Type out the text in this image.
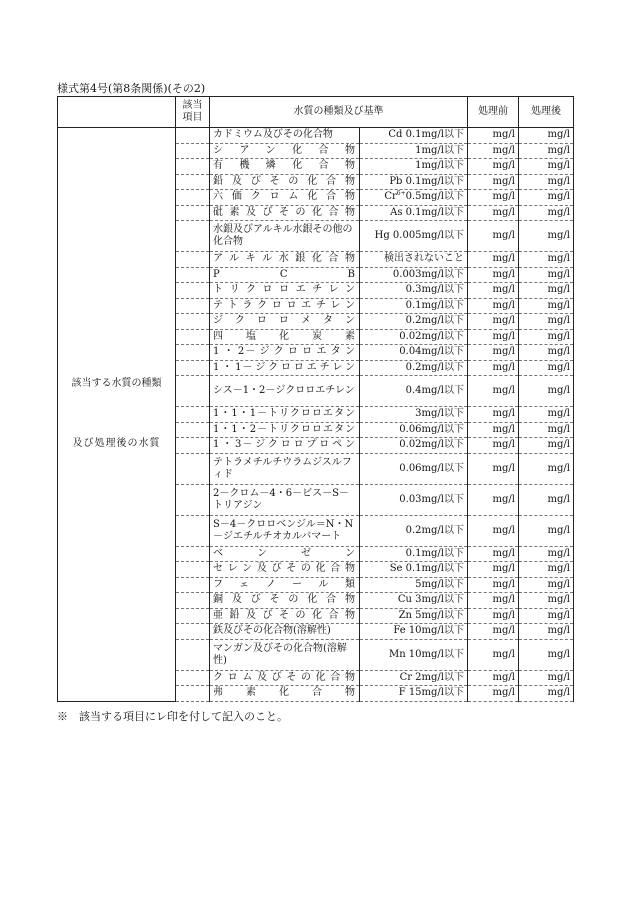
様式第4号(第8条関係)(その2)
	該当項目	水質の種類及び基準		処理前	処理後

該当する水質の種類
及び処理後の水質		カドミウム及びその化合物	Cd 0.1mg/l以下	mg/l	mg/l
		シアン化合物	1mg/l以下	mg/l	mg/l
		有機燐化合物	1mg/l以下	mg/l	mg/l
		鉛及びその化合物	Pb 0.1mg/l以下	mg/l	mg/l
		六価クロム化合物	$Cr^{6+}0.5mg/l$以下	mg/l	mg/l
		砒素及びその化合物	As 0.1mg/l以下	mg/l	mg/l
		水銀及びアルキル水銀その他の化合物	Hg 0.005mg/l以下	mg/l	mg/l
		アルキル水銀化合物	検出されないこと	mg/l	mg/l
		P C B	0.003mg/l以下	mg/l	mg/l
		トリクロロエチレン	0.3mg/l以下	mg/l	mg/l
		テトラクロロエチレン	0.1mg/l以下	mg/l	mg/l
		ジクロロメタン	0.2mg/l以下	mg/l	mg/l
		四塩化炭素	0.02mg/l以下	mg/l	mg/l
		1・2－ジクロロエタン	0.04mg/l以下	mg/l	mg/l
		1・1－ジクロロエチレン	0.2mg/l以下	mg/l	mg/l
		シス－1・2－ジクロロエチレン	0.4mg/l以下	mg/l	mg/l
		1・1・1－トリクロロエタン	3mg/l以下	mg/l	mg/l
		1・1・2－トリクロロエタン	0.06mg/l以下	mg/l	mg/l
		1・3－ジクロロプロペン	0.02mg/l以下	mg/l	mg/l
		テトラメチルチウラムジスルフィド	0.06mg/l以下	mg/l	mg/l
		2－クロム－4・6－ビス－S－トリアジン	0.03mg/l以下	mg/l	mg/l
		S－4－クロロベンジル＝N・N－ジエチルチオカルバマート	0.2mg/l以下	mg/l	mg/l
		ベンゼン	0.1mg/l以下	mg/l	mg/l
		セレン及びその化合物	Se 0.1mg/l以下	mg/l	mg/l
		フェノール類	5mg/l以下	mg/l	mg/l
		銅及びその化合物	Cu 3mg/l以下	mg/l	mg/l
		亜鉛及びその化合物	Zn 5mg/l以下	mg/l	mg/l
		鉄及びその化合物(溶解性)	Fe 10mg/l以下	mg/l	mg/l
		マンガン及びその化合物(溶解性)	Mn 10mg/l以下	mg/l	mg/l
		クロム及びその化合物	Cr 2mg/l以下	mg/l	mg/l
		弗素化合物	F 15mg/l以下	mg/l	mg/l
※　該当する項目にレ印を付して記入のこと。
